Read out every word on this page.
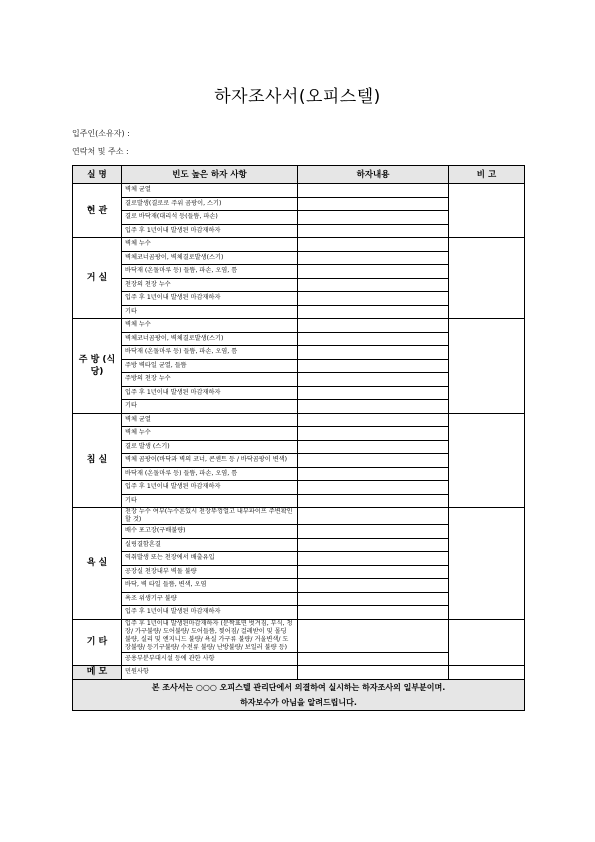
하자조사서(오피스텔)
입주인(소유자) :
연락처 및 주소 :
실 명	빈도 높은 하자 사항	하자내용	비 고
현 관	벽체 균열		
	결로발생(결로로 주위 곰팡이, 스기)		
	결로 바닥재(대리석 등(들뜸, 파손)		
	입주 후 1년이내 발생된 마감재하자		
거 실	벽체 누수		
	벽체코너곰팡이, 벽체결로발생(스기)		
	바닥재 (온돌마루 등) 들뜸, 파손, 오염, 틈		
	천장의 천장 누수		
	입주 후 1년이내 발생된 마감재하자		
	기타		
주 방 (식당)	벽체 누수		
	벽체코너곰팡이, 벽체결로발생(스기)		
	바닥재 (온돌마루 등) 들뜸, 파손, 오염, 틈		
	주방 벽타일 균열, 들뜸		
	주방의 천장 누수		
	입주 후 1년이내 발생된 마감재하자		
	기타		
침 실	벽체 균열		
	벽체 누수		
	결로 발생 (스기)		
	벽체 곰팡이(바닥과 벽의 코너, 콘센트 등 / 바닥곰팡이 변색)		
	바닥재 (온돌마루 등) 들뜸, 파손, 오염, 틈		
	입주 후 1년이내 발생된 마감재하자		
	기타		
욕 실	천장 누수 여부(누수흔있시 천장뚜껑열고 내부파이프 주변확인할 것)		
	배수 포고장(구배불량)		
	실링결함흔결		
	역취발생 또는 천장에서 배출유입		
	공장실 천장내부 벽돌 불량		
	바닥, 벽 타일 들뜸, 변색, 오염		
	욕조 위생기구 불량		
	입주 후 1년이내 발생된 마감재하자		
기 타	입주 후 1년이내 발생된마감재하자 (문짝표면 벗겨짐, 부식, 청장/ 가구불량/ 도어불량/ 도어들뜸, 찢어짐/ 걸레받이 및 몰딩 불량, 실리 및 엔지니드 불량/ 욕실 가구류 불량/ 거울변색/ 도장불량/ 등기구불량/ 수전류 불량/ 난방불량/ 보일러 불량 등)		
	공용부분부대시설 등에 관한 사항		
메 모	민원사항		
본 조사서는 ○○○ 오피스텔 관리단에서 의결하여 실시하는 하자조사의 일부분이며.
하자보수가 아님을 알려드립니다.			
